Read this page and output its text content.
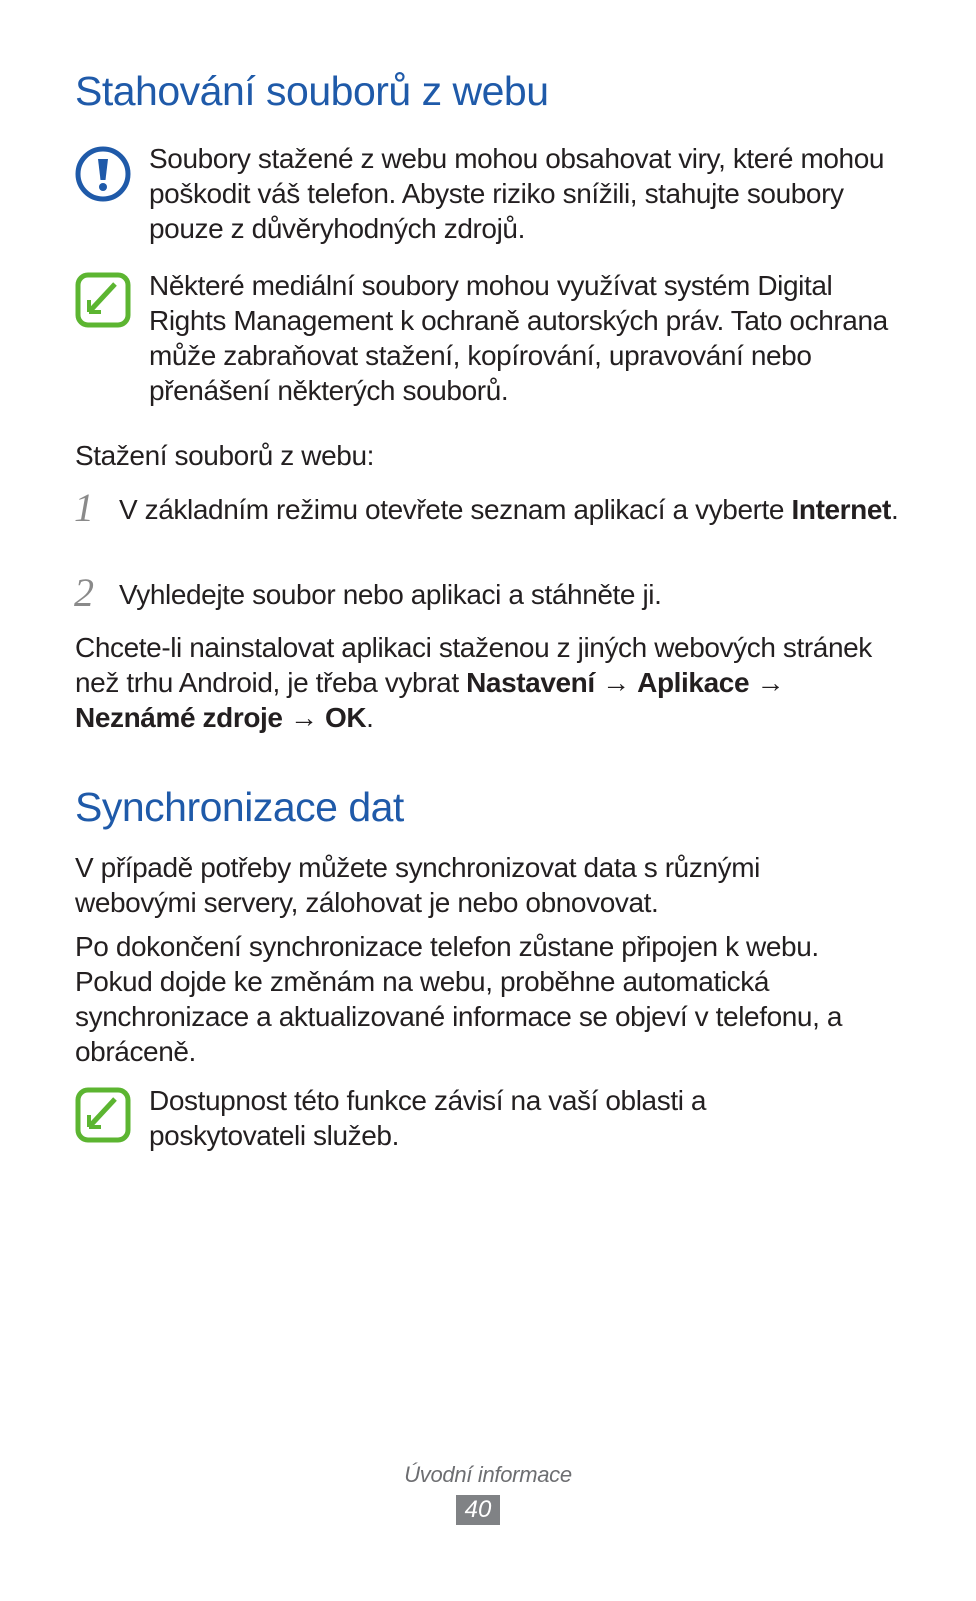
Stahování souborů z webu

Soubory stažené z webu mohou obsahovat viry, které mohou poškodit váš telefon. Abyste riziko snížili, stahujte soubory pouze z důvěryhodných zdrojů.

Některé mediální soubory mohou využívat systém Digital Rights Management k ochraně autorských práv. Tato ochrana může zabraňovat stažení, kopírování, upravování nebo přenášení některých souborů.

Stažení souborů z webu:

1 V základním režimu otevřete seznam aplikací a vyberte Internet.

2 Vyhledejte soubor nebo aplikaci a stáhněte ji.

Chcete-li nainstalovat aplikaci staženou z jiných webových stránek než trhu Android, je třeba vybrat Nastavení → Aplikace → Neznámé zdroje → OK.

Synchronizace dat

V případě potřeby můžete synchronizovat data s různými webovými servery, zálohovat je nebo obnovovat.

Po dokončení synchronizace telefon zůstane připojen k webu. Pokud dojde ke změnám na webu, proběhne automatická synchronizace a aktualizované informace se objeví v telefonu, a obráceně.

Dostupnost této funkce závisí na vaší oblasti a poskytovateli služeb.

Úvodní informace
40
